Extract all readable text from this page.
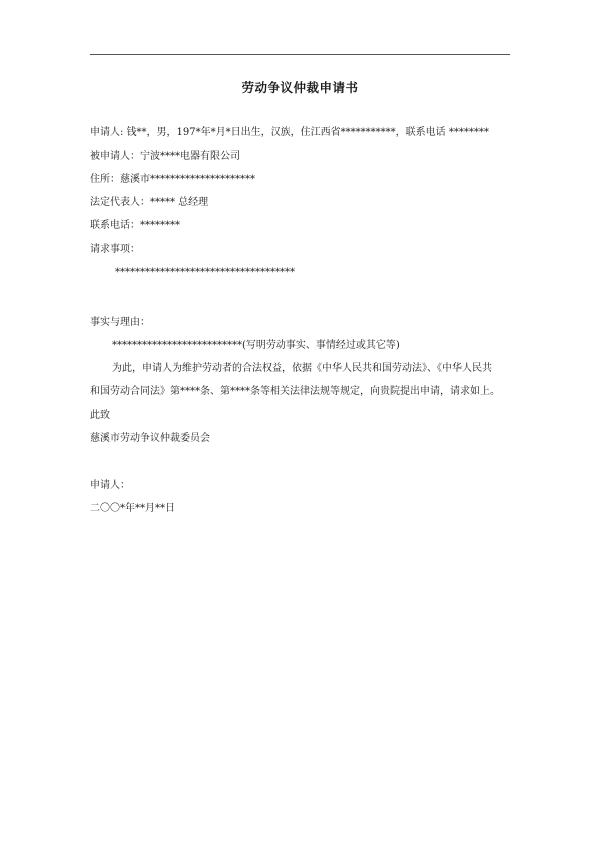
劳动争议仲裁申请书
申请人: 钱**，男，197*年*月*日出生，汉族，住江西省***********，联系电话 ********
被申请人：宁波****电器有限公司
住所：慈溪市*********************
法定代表人：***** 总经理
联系电话：********
请求事项：
************************************
事实与理由：
**************************(写明劳动事实、事情经过或其它等)
为此，申请人为维护劳动者的合法权益，依据《中华人民共和国劳动法》、《中华人民共
和国劳动合同法》第****条、第****条等相关法律法规等规定，向贵院提出申请，请求如上。
此致
慈溪市劳动争议仲裁委员会
申请人：
二〇〇*年**月**日
